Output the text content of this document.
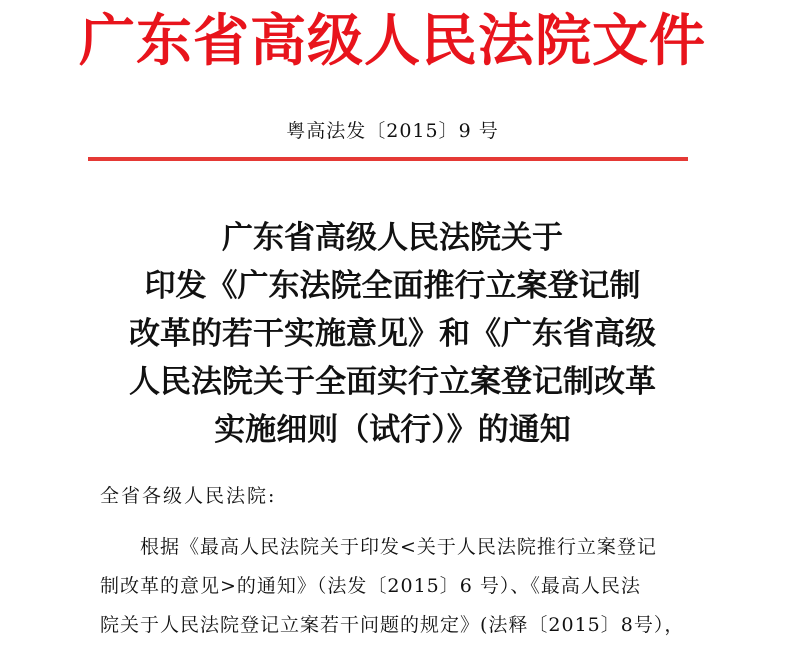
广东省高级人民法院文件
粤高法发〔2015〕9 号
广东省高级人民法院关于
印发《广东法院全面推行立案登记制
改革的若干实施意见》和《广东省高级
人民法院关于全面实行立案登记制改革
实施细则（试行）》的通知
全省各级人民法院:
根据《最高人民法院关于印发<关于人民法院推行立案登记
制改革的意见>的通知》（法发〔2015〕6 号）、《最高人民法
院关于人民法院登记立案若干问题的规定》(法释〔2015〕8号），
